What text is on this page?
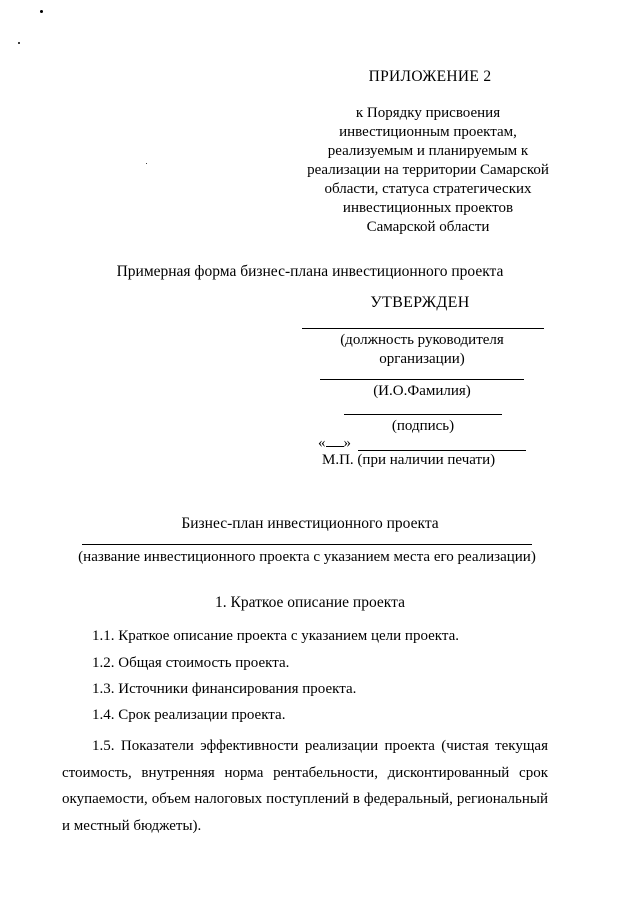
ПРИЛОЖЕНИЕ 2
к Порядку присвоения
инвестиционным проектам,
реализуемым и планируемым к
реализации на территории Самарской
области, статуса стратегических
инвестиционных проектов
Самарской области
Примерная форма бизнес-плана инвестиционного проекта
УТВЕРЖДЕН
(должность руководителя
организации)
(И.О.Фамилия)
(подпись)
« »
М.П. (при наличии печати)
Бизнес-план инвестиционного проекта
(название инвестиционного проекта с указанием места его реализации)
1. Краткое описание проекта
1.1. Краткое описание проекта с указанием цели проекта.
1.2. Общая стоимость проекта.
1.3. Источники финансирования проекта.
1.4. Срок реализации проекта.
1.5. Показатели эффективности реализации проекта (чистая текущая стоимость, внутренняя норма рентабельности, дисконтированный срок окупаемости, объем налоговых поступлений в федеральный, региональный и местный бюджеты).
